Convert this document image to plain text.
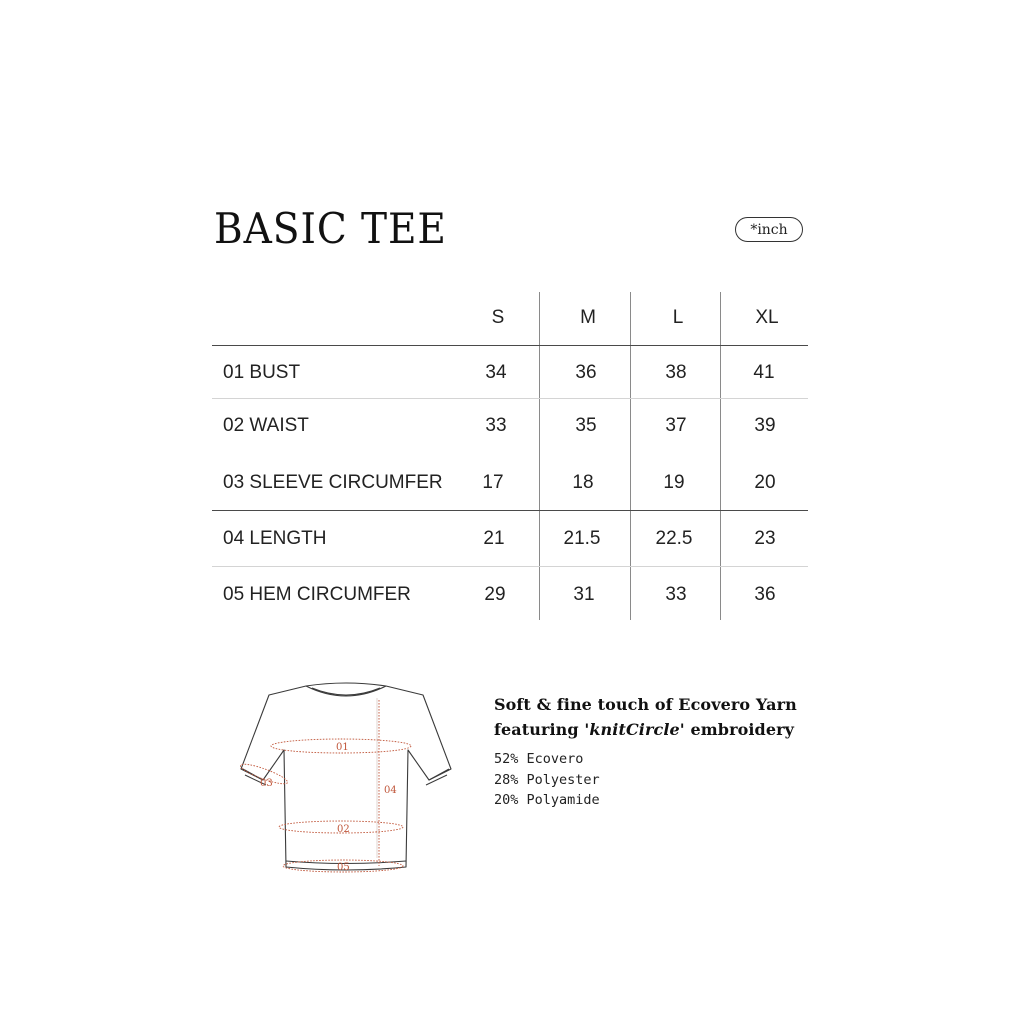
BASIC TEE	*inch
S	M	L	XL
01 BUST	34	36	38	41
02 WAIST	33	35	37	39
03 SLEEVE CIRCUMFER 17	18	19	20
04 LENGTH	21	21.5	22.5	23
05 HEM CIRCUMFER	29	31	33	36
01
02
05
03
04
Soft & fine touch of Ecovero Yarn
featuring 'knitCircle' embroidery
52% Ecovero
28% Polyester
20% Polyamide
